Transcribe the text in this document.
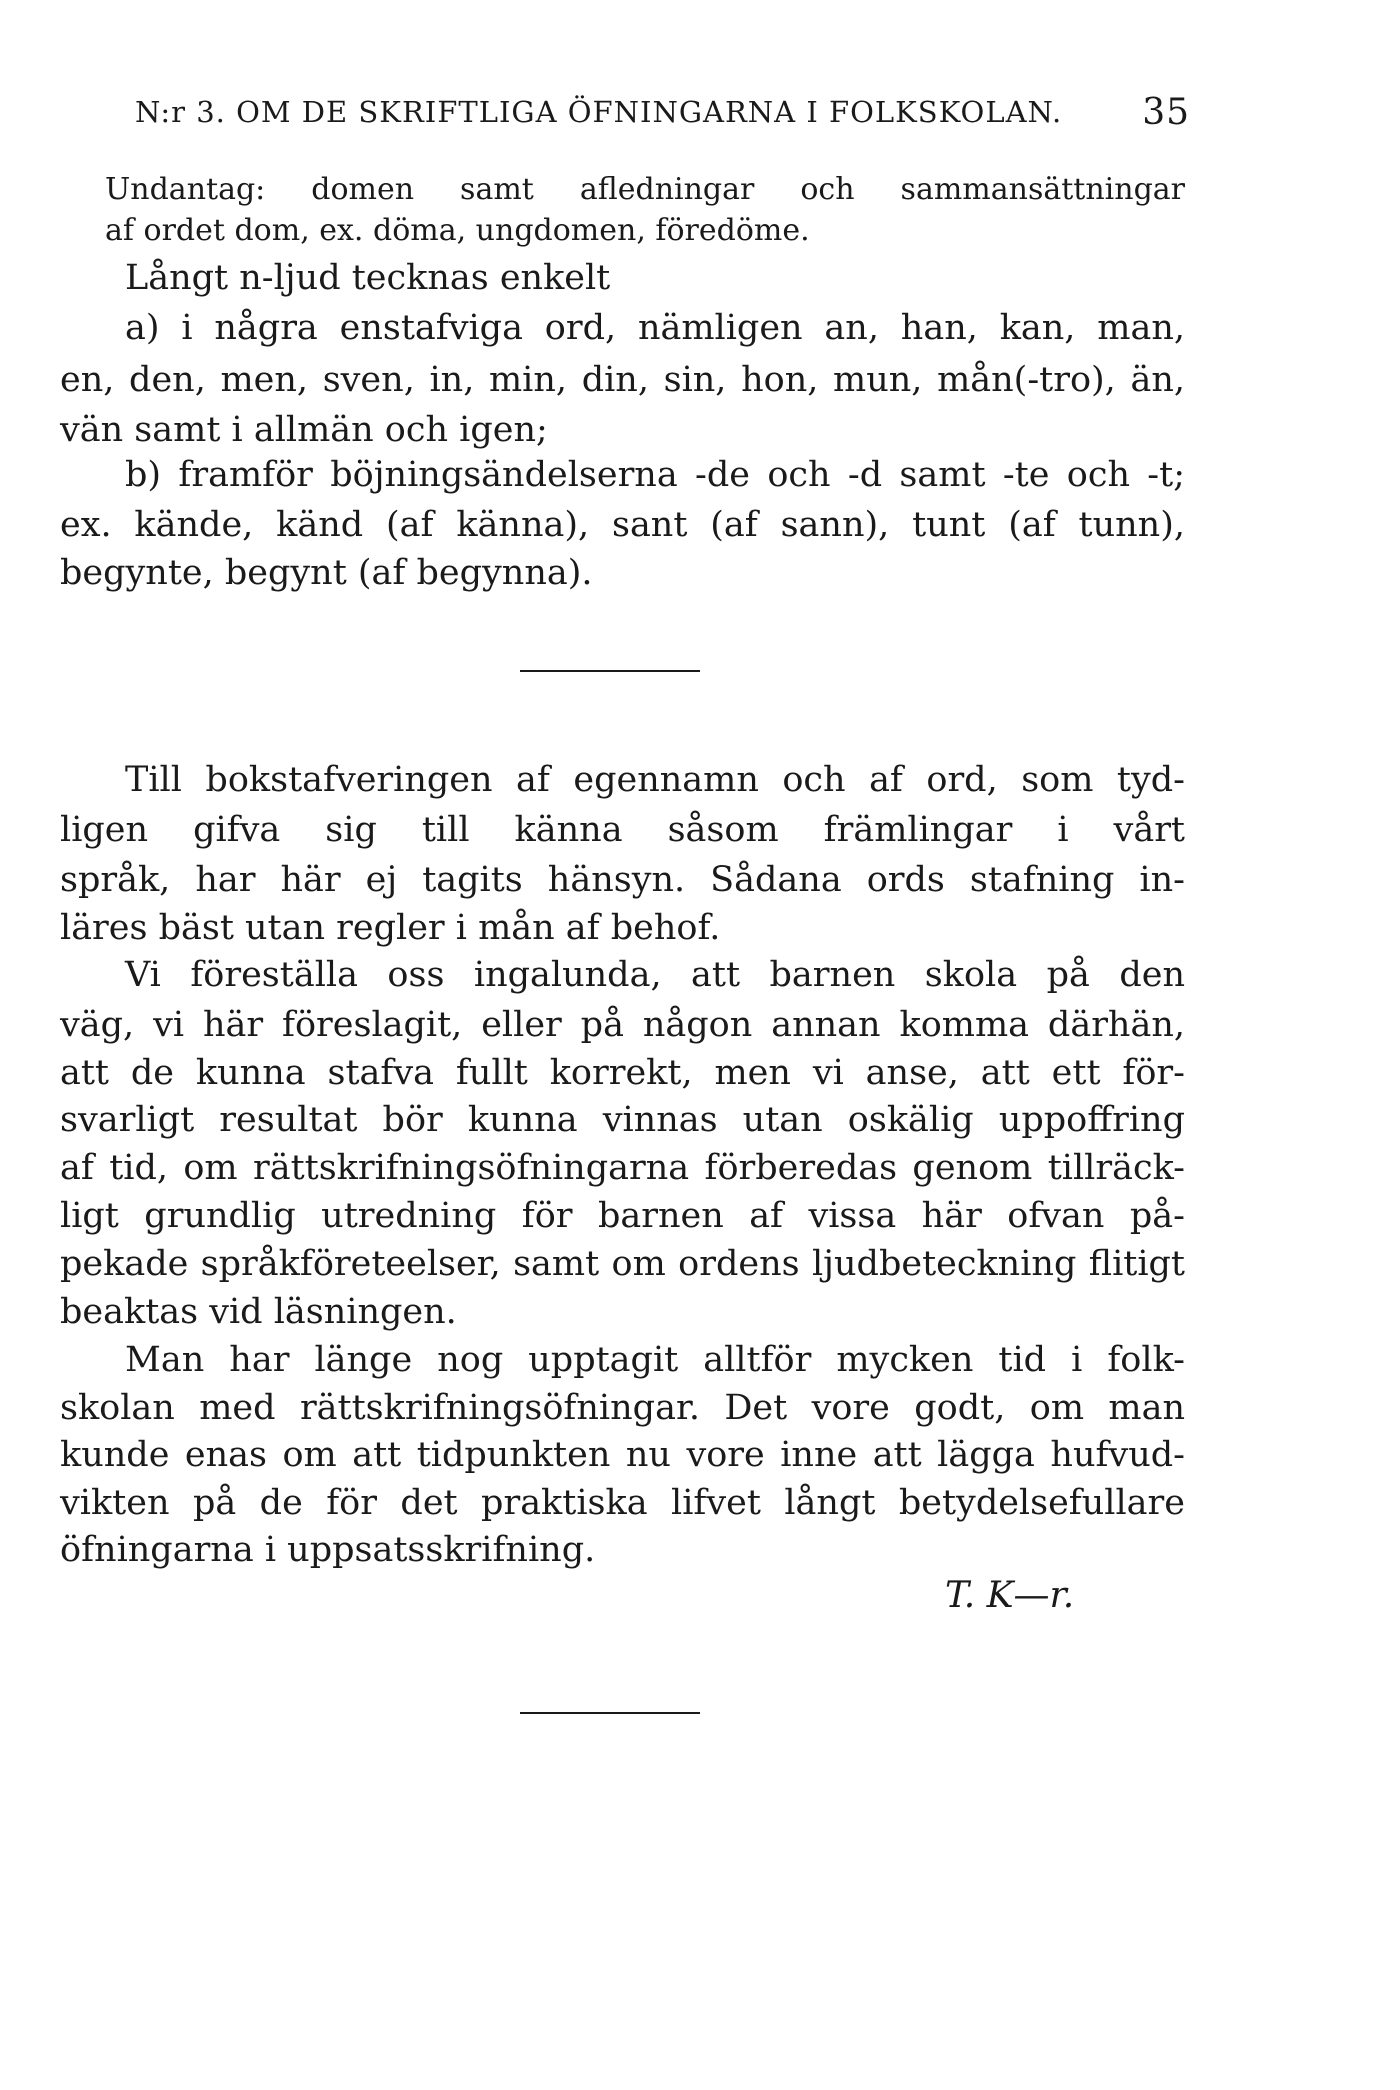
N:r 3. OM DE SKRIFTLIGA ÖFNINGARNA I FOLKSKOLAN. 35
Undantag: domen samt afledningar och sammansättningar
af ordet dom, ex. döma, ungdomen, föredöme.
Långt n-ljud tecknas enkelt
a) i några enstafviga ord, nämligen an, han, kan, man,
en, den, men, sven, in, min, din, sin, hon, mun, mån(-tro), än,
vän samt i allmän och igen;
b) framför böjningsändelserna -de och -d samt -te och -t;
ex. kände, känd (af känna), sant (af sann), tunt (af tunn),
begynte, begynt (af begynna).
Till bokstafveringen af egennamn och af ord, som tyd-
ligen gifva sig till känna såsom främlingar i vårt
språk, har här ej tagits hänsyn. Sådana ords stafning in-
läres bäst utan regler i mån af behof.
Vi föreställa oss ingalunda, att barnen skola på den
väg, vi här föreslagit, eller på någon annan komma därhän,
att de kunna stafva fullt korrekt, men vi anse, att ett för-
svarligt resultat bör kunna vinnas utan oskälig uppoffring
af tid, om rättskrifningsöfningarna förberedas genom tillräck-
ligt grundlig utredning för barnen af vissa här ofvan på-
pekade språkföreteelser, samt om ordens ljudbeteckning flitigt
beaktas vid läsningen.
Man har länge nog upptagit alltför mycken tid i folk-
skolan med rättskrifningsöfningar. Det vore godt, om man
kunde enas om att tidpunkten nu vore inne att lägga hufvud-
vikten på de för det praktiska lifvet långt betydelsefullare
öfningarna i uppsatsskrifning.
T. K—r.
